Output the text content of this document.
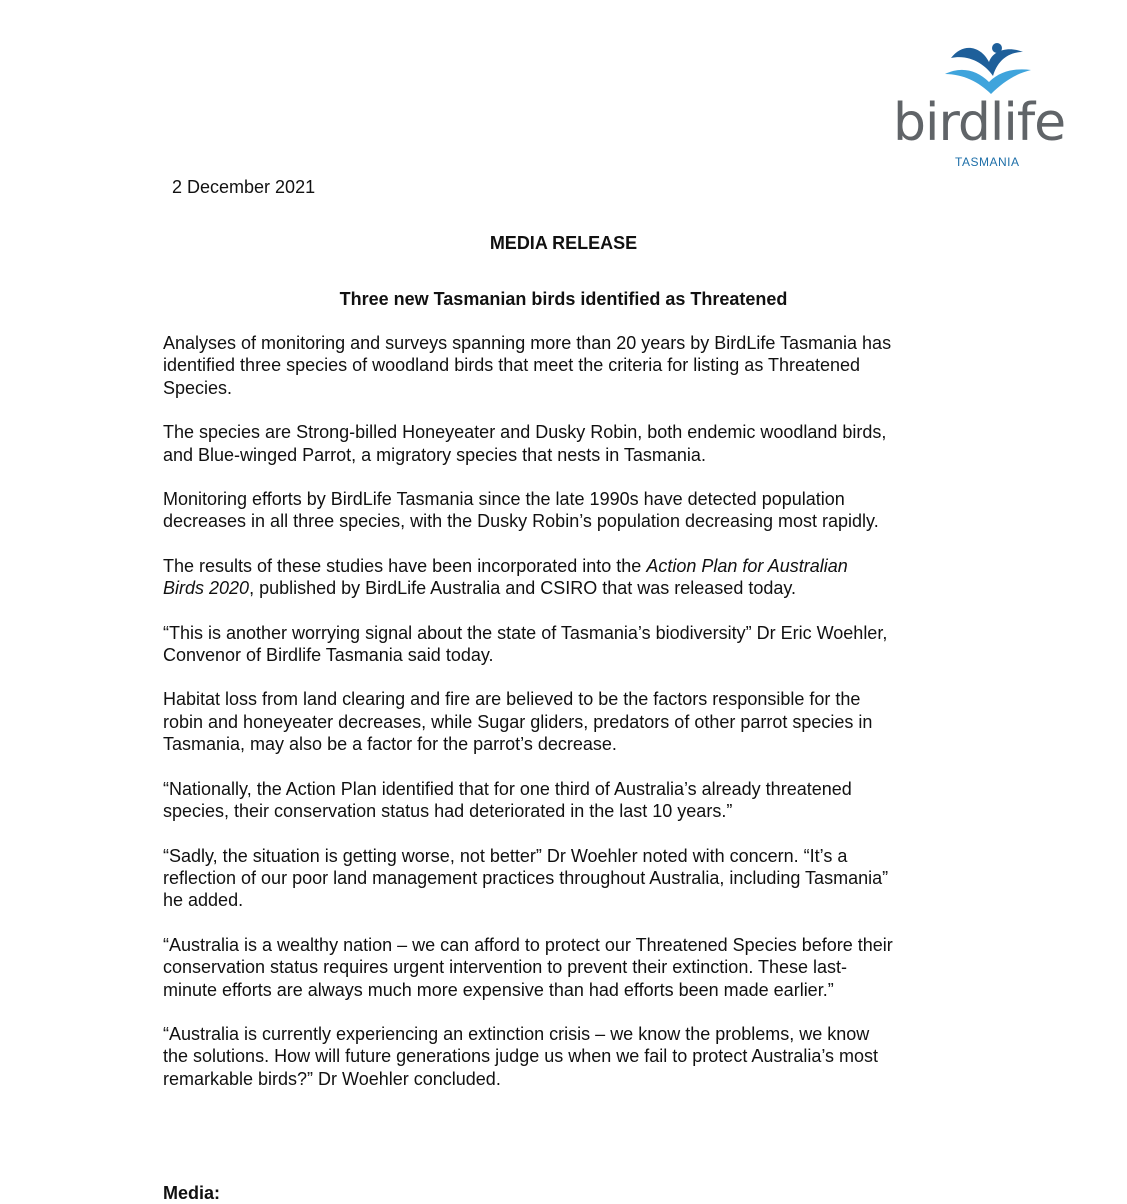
birdlife
TASMANIA
2 December 2021
MEDIA RELEASE
Three new Tasmanian birds identified as Threatened

Analyses of monitoring and surveys spanning more than 20 years by BirdLife Tasmania has identified three species of woodland birds that meet the criteria for listing as Threatened Species.

The species are Strong-billed Honeyeater and Dusky Robin, both endemic woodland birds, and Blue-winged Parrot, a migratory species that nests in Tasmania.

Monitoring efforts by BirdLife Tasmania since the late 1990s have detected population decreases in all three species, with the Dusky Robin’s population decreasing most rapidly.

The results of these studies have been incorporated into the Action Plan for Australian Birds 2020, published by BirdLife Australia and CSIRO that was released today.

“This is another worrying signal about the state of Tasmania’s biodiversity” Dr Eric Woehler, Convenor of Birdlife Tasmania said today.

Habitat loss from land clearing and fire are believed to be the factors responsible for the robin and honeyeater decreases, while Sugar gliders, predators of other parrot species in Tasmania, may also be a factor for the parrot’s decrease.

“Nationally, the Action Plan identified that for one third of Australia’s already threatened species, their conservation status had deteriorated in the last 10 years.”

“Sadly, the situation is getting worse, not better” Dr Woehler noted with concern. “It’s a reflection of our poor land management practices throughout Australia, including Tasmania” he added.

“Australia is a wealthy nation – we can afford to protect our Threatened Species before their conservation status requires urgent intervention to prevent their extinction. These last-minute efforts are always much more expensive than had efforts been made earlier.”

“Australia is currently experiencing an extinction crisis – we know the problems, we know the solutions. How will future generations judge us when we fail to protect Australia’s most remarkable birds?” Dr Woehler concluded.

Media:
